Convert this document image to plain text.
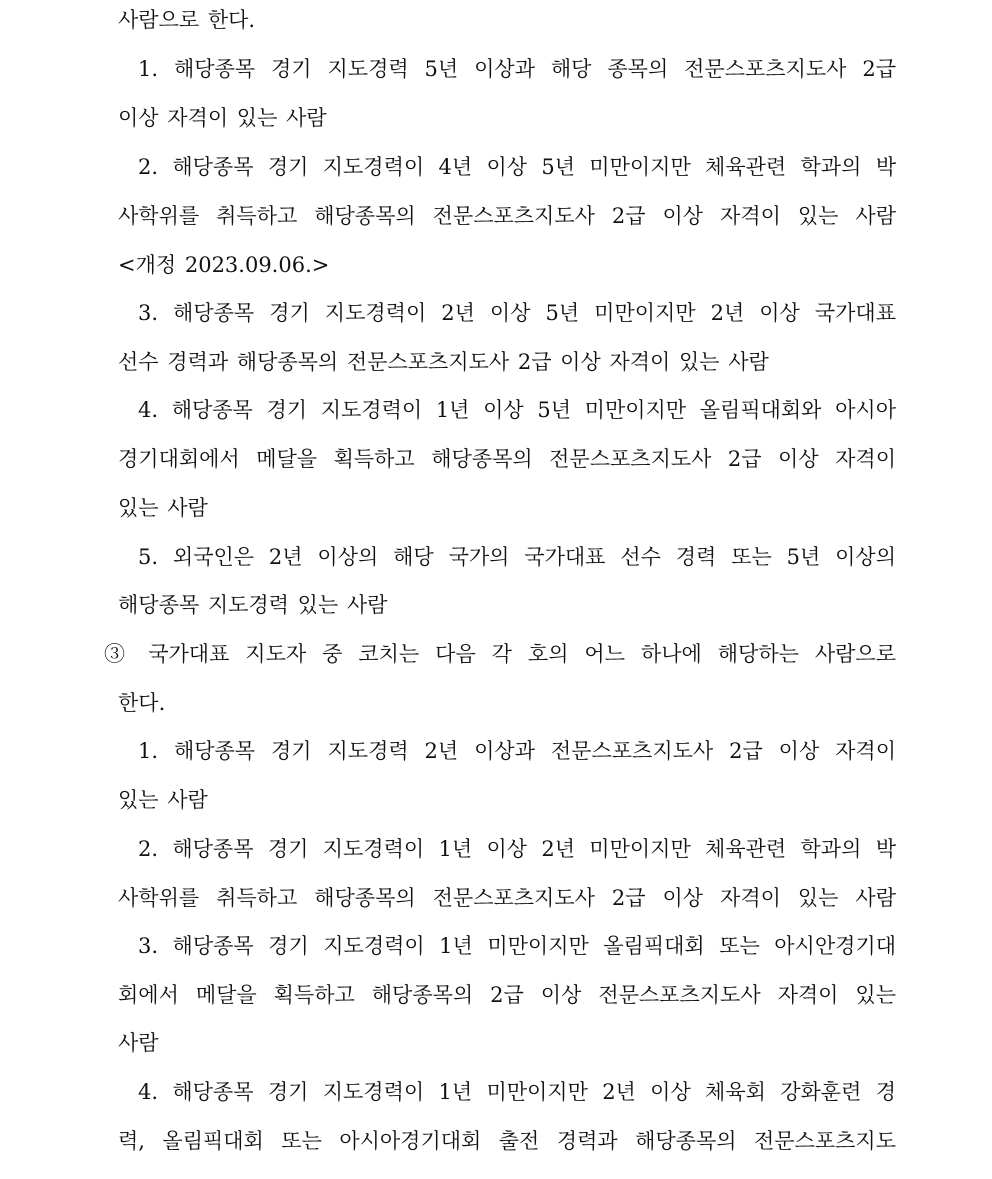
사람으로 한다.
1. 해당종목 경기 지도경력 5년 이상과 해당 종목의 전문스포츠지도사 2급
이상 자격이 있는 사람
2. 해당종목 경기 지도경력이 4년 이상 5년 미만이지만 체육관련 학과의 박
사학위를 취득하고 해당종목의 전문스포츠지도사 2급 이상 자격이 있는 사람
<개정 2023.09.06.>
3. 해당종목 경기 지도경력이 2년 이상 5년 미만이지만 2년 이상 국가대표
선수 경력과 해당종목의 전문스포츠지도사 2급 이상 자격이 있는 사람
4. 해당종목 경기 지도경력이 1년 이상 5년 미만이지만 올림픽대회와 아시아
경기대회에서 메달을 획득하고 해당종목의 전문스포츠지도사 2급 이상 자격이
있는 사람
5. 외국인은 2년 이상의 해당 국가의 국가대표 선수 경력 또는 5년 이상의
해당종목 지도경력 있는 사람
③ 국가대표 지도자 중 코치는 다음 각 호의 어느 하나에 해당하는 사람으로
한다.
1. 해당종목 경기 지도경력 2년 이상과 전문스포츠지도사 2급 이상 자격이
있는 사람
2. 해당종목 경기 지도경력이 1년 이상 2년 미만이지만 체육관련 학과의 박
사학위를 취득하고 해당종목의 전문스포츠지도사 2급 이상 자격이 있는 사람
3. 해당종목 경기 지도경력이 1년 미만이지만 올림픽대회 또는 아시안경기대
회에서 메달을 획득하고 해당종목의 2급 이상 전문스포츠지도사 자격이 있는
사람
4. 해당종목 경기 지도경력이 1년 미만이지만 2년 이상 체육회 강화훈련 경
력, 올림픽대회 또는 아시아경기대회 출전 경력과 해당종목의 전문스포츠지도
